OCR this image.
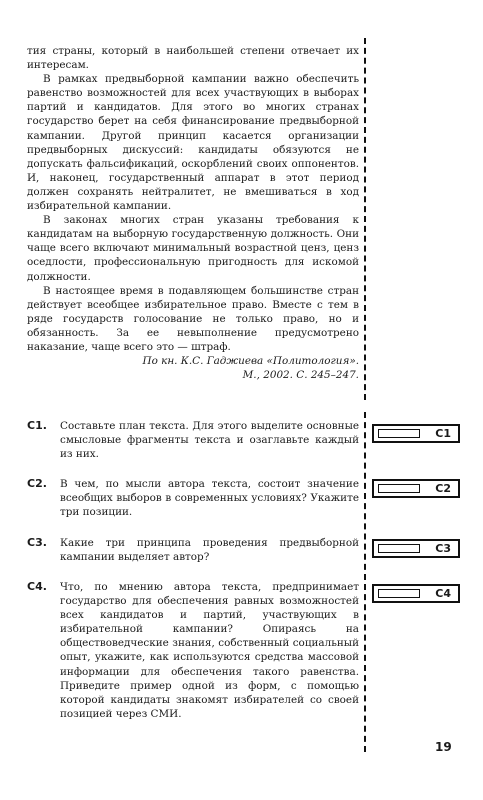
тия страны, который в наибольшей степени отвечает их интересам.

В рамках предвыборной кампании важно обеспечить равенство возможностей для всех участвующих в выборах партий и кандидатов. Для этого во многих странах государство берет на себя финансирование предвыборной кампании. Другой принцип касается организации предвыборных дискуссий: кандидаты обязуются не допускать фальсификаций, оскорблений своих оппонентов. И, наконец, государственный аппарат в этот период должен сохранять нейтралитет, не вмешиваться в ход избирательной кампании.

В законах многих стран указаны требования к кандидатам на выборную государственную должность. Они чаще всего включают минимальный возрастной ценз, ценз оседлости, профессиональную пригодность для искомой должности.

В настоящее время в подавляющем большинстве стран действует всеобщее избирательное право. Вместе с тем в ряде государств голосование не только право, но и обязанность. За ее невыполнение предусмотрено наказание, чаще всего это — штраф.

По кн. К.С. Гаджиева «Политология».

М., 2002. С. 245–247.

С1. Составьте план текста. Для этого выделите основные смысловые фрагменты текста и озаглавьте каждый из них.
С1
С2. В чем, по мысли автора текста, состоит значение всеобщих выборов в современных условиях? Укажите три позиции.
С2
С3. Какие три принципа проведения предвыборной кампании выделяет автор?
С3
С4. Что, по мнению автора текста, предпринимает государство для обеспечения равных возможностей всех кандидатов и партий, участвующих в избирательной кампании? Опираясь на обществоведческие знания, собственный социальный опыт, укажите, как используются средства массовой информации для обеспечения такого равенства. Приведите пример одной из форм, с помощью которой кандидаты знакомят избирателей со своей позицией через СМИ.
С4
19
